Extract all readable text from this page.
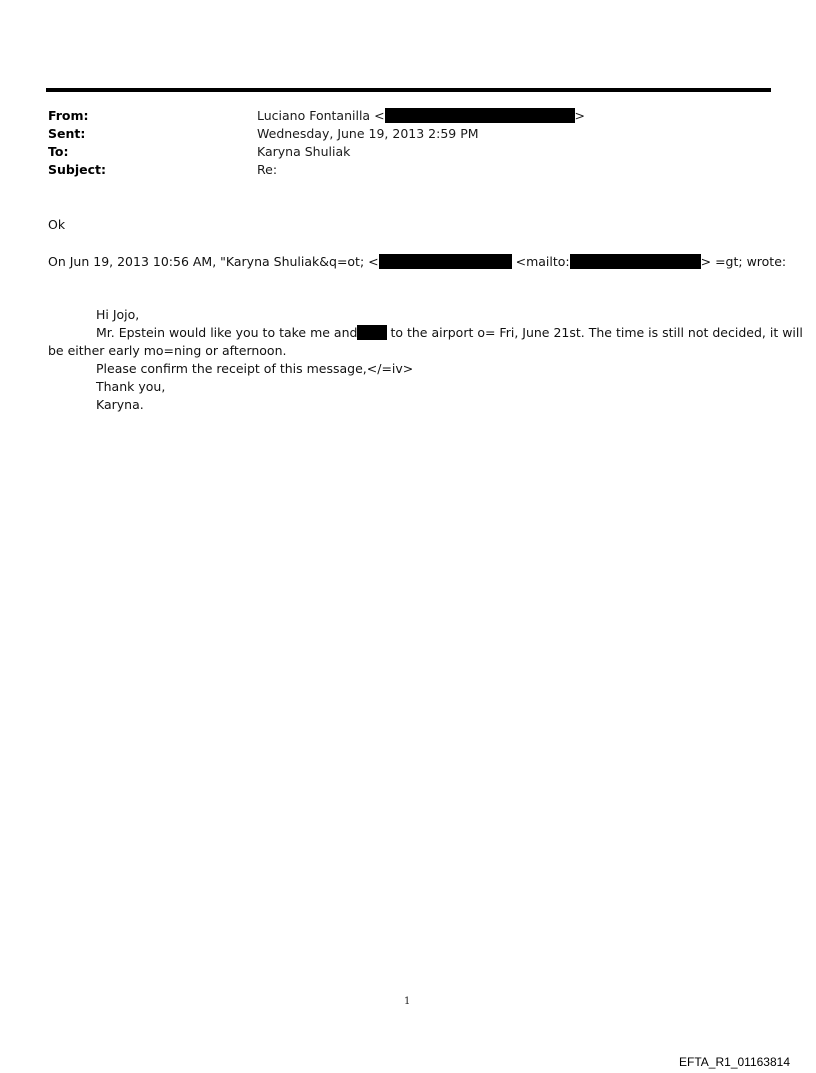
From:	Luciano Fontanilla <	>
Sent:	Wednesday, June 19, 2013 2:59 PM
To:	Karyna Shuliak
Subject:	Re:
Ok
On Jun 19, 2013 10:56 AM, "Karyna Shuliak&q=ot; <	<mailto:	> =gt; wrote:
Hi Jojo,
Mr. Epstein would like you to take me and	to the airport o= Fri, June 21st. The time is still not decided, it will
be either early mo=ning or afternoon.
Please confirm the receipt of this message,</=iv>
Thank you,
Karyna.
1
EFTA_R1_01163814
